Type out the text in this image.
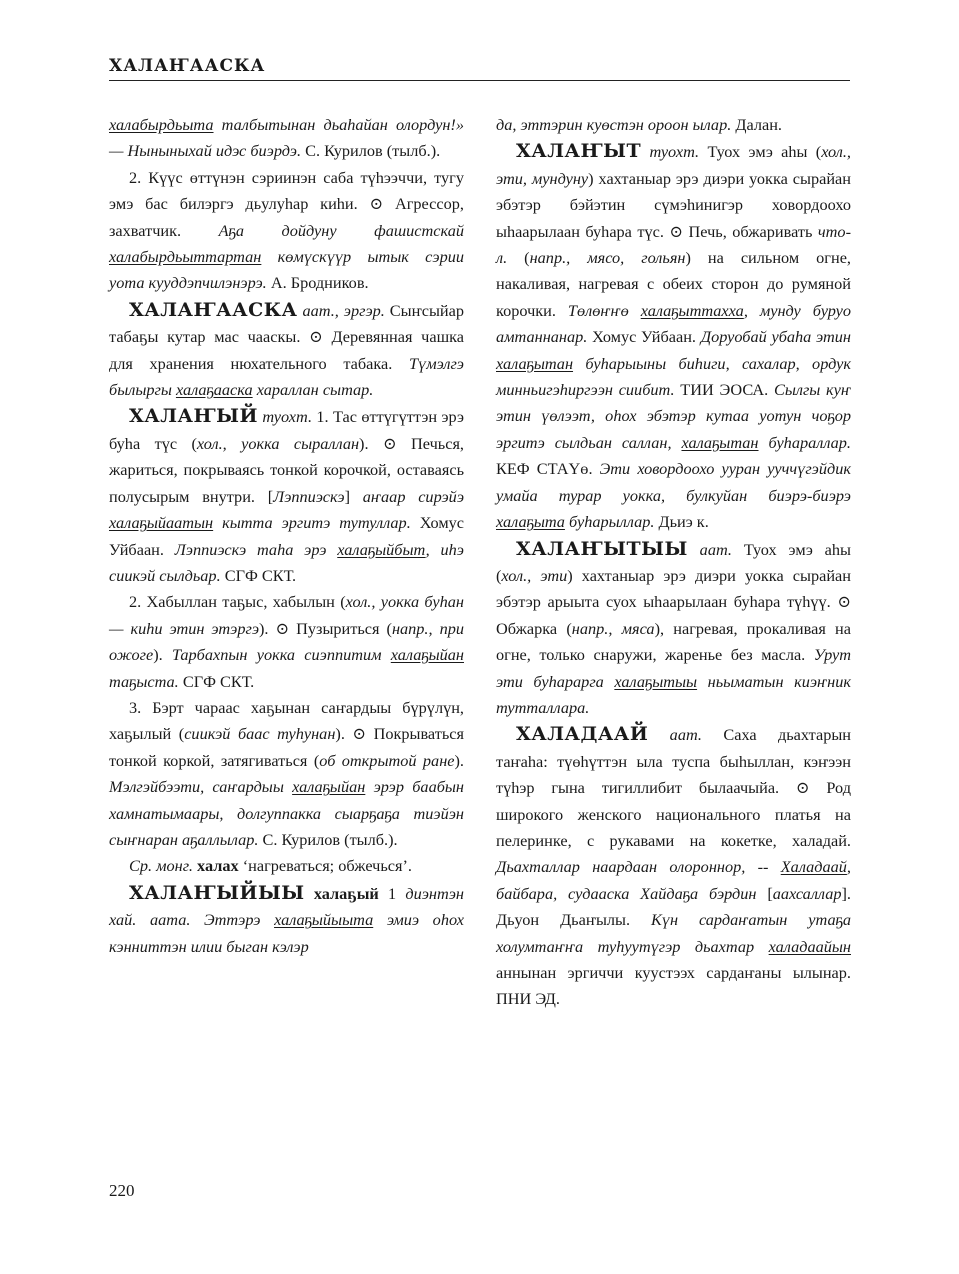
ХАЛАҤААСКА

халабырдьыта талбытынан дьаһайан олордун!» — Ныныныхай идэс биэрдэ. С. Курилов (тылб.).

2. Күүс өттүнэн сэриинэн саба түһээччи, тугу эмэ бас билэргэ дьулуһар киһи. ⊙ Агрессор, захватчик. Аҕа дойдуну фашистскай халабырдьыттартан көмүскүүр ытык сэрии уота кууддэпчилэнэрэ. А. Бродников.

ХАЛАҤААСКА аат., эргэр. Сыҥсыйар табаҕы кутар мас чааскы. ⊙ Деревянная чашка для хранения нюхательного табака. Түмэлгэ былыргы халаҕааска хараллан сытар.

ХАЛАҤЫЙ туохт. 1. Тас өттүгүттэн эрэ буһа түс (хол., уокка сыраллан). ⊙ Печься, жариться, покрываясь тонкой корочкой, оставаясь полусырым внутри. [Лэппиэскэ] аҥаар сирэйэ халаҕыйаатын кытта эргитэ тутуллар. Хомус Уйбаан. Лэппиэскэ таһа эрэ халаҕыйбыт, иһэ сиикэй сылдьар. СГФ СКТ.

2. Хабыллан таҕыс, хабылын (хол., уокка буһан — киһи этин этэргэ). ⊙ Пузыриться (напр., при ожоге). Тарбахпын уокка сиэппитим халаҕыйан таҕыста. СГФ СКТ.

3. Бэрт чараас хаҕынан саҥардыы бүрүлүн, хаҕылый (сиикэй баас туһунан). ⊙ Покрываться тонкой коркой, затягиваться (об открытой ране). Мэлгэйбээти, саҥардыы халаҕыйан эрэр баабын хамнатымаары, долгуппакка сыарҕаҕа тиэйэн сыҥнаран аҕаллылар. С. Курилов (тылб.).

Ср. монг. халах ‘нагреваться; обжечься’.

ХАЛАҤЫЙЫЫ халаҕый 1 диэнтэн хай. аата. Эттэрэ халаҕыйыыта эмиэ оһох кэнниттэн илии быган кэлэр

да, эттэрин куөстэн ороон ылар. Далан.

ХАЛАҤЫТ туохт. Туох эмэ аһы (хол., эти, мундуну) хахтаныар эрэ диэри уокка сырайан эбэтэр бэйэтин сүмэһинигэр ховордоохо ыһаарылаан буһара түс. ⊙ Печь, обжаривать что-л. (напр., мясо, гольян) на сильном огне, накаливая, нагревая с обеих сторон до румяной корочки. Төлөҥҥө халаҕыттахха, мунду буруо амтаннанар. Хомус Уйбаан. Доруобай убаһа этин халаҕытан буһарыыны биһиги, сахалар, ордук минньигэһиргээн сиибит. ТИИ ЭОСА. Сылгы куҥ этин үөлээт, оһох эбэтэр кутаа уотун чоҕор эргитэ сылдьан саллан, халаҕытан буһараллар. КЕФ СТАҮө. Эти ховордоохо ууран ууччүгэйдик умайа турар уокка, булкуйан биэрэ-биэрэ халаҕыта буһарыллар. Дьиэ к.

ХАЛАҤЫТЫЫ аат. Туох эмэ аһы (хол., эти) хахтаныар эрэ диэри уокка сырайан эбэтэр арыыта суох ыһаарылаан буһара түһүү. ⊙ Обжарка (напр., мяса), нагревая, прокаливая на огне, только снаружи, жаренье без масла. Урут эти буһарарга халаҕытыы ньыматын киэҥник тутталлара.

ХАЛАДААЙ аат. Саха дьахтарын таҥаһа: түөһүттэн ыла туспа быһыллан, кэҥээн түһэр гына тигиллибит былаачыйа. ⊙ Род широкого женского национального платья на пелеринке, с рукавами на кокетке, халадай. Дьахталлар наардаан олороннор, -- Халадаай, байбара, судааска Хайдаҕа бэрдин [аахсаллар]. Дьуон Дьаҥылы. Күн сардаҥатын утаҕа холумтаҥҥа туһуутүгэр дьахтар халадаайын аннынан эргиччи куустээх сардаҥаны ылынар. ПНИ ЭД.

220
